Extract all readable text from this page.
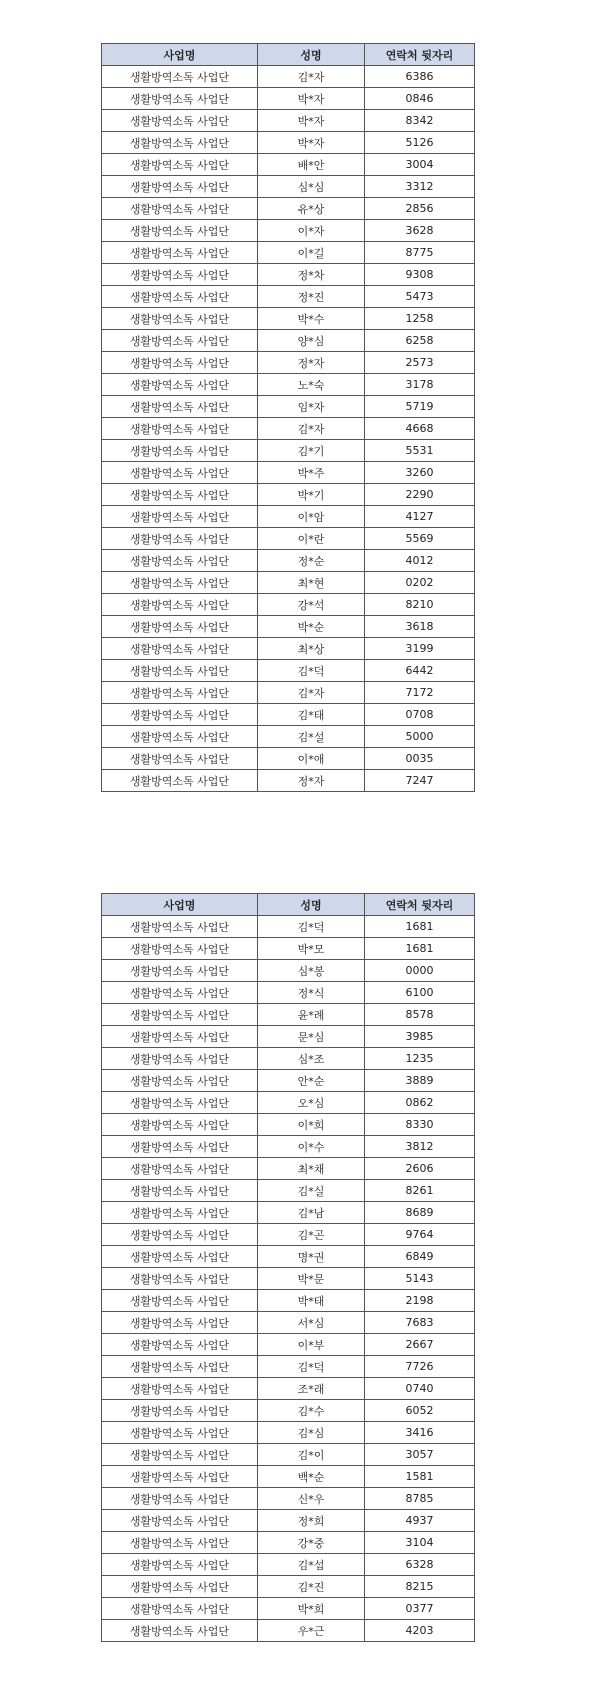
사업명	성명	연락처 뒷자리
생활방역소독 사업단	김*자	6386
생활방역소독 사업단	박*자	0846
생활방역소독 사업단	박*자	8342
생활방역소독 사업단	박*자	5126
생활방역소독 사업단	배*안	3004
생활방역소독 사업단	심*심	3312
생활방역소독 사업단	유*상	2856
생활방역소독 사업단	이*자	3628
생활방역소독 사업단	이*길	8775
생활방역소독 사업단	정*차	9308
생활방역소독 사업단	정*진	5473
생활방역소독 사업단	박*수	1258
생활방역소독 사업단	양*심	6258
생활방역소독 사업단	정*자	2573
생활방역소독 사업단	노*숙	3178
생활방역소독 사업단	임*자	5719
생활방역소독 사업단	김*자	4668
생활방역소독 사업단	김*기	5531
생활방역소독 사업단	박*주	3260
생활방역소독 사업단	박*기	2290
생활방역소독 사업단	이*암	4127
생활방역소독 사업단	이*란	5569
생활방역소독 사업단	정*순	4012
생활방역소독 사업단	최*현	0202
생활방역소독 사업단	강*석	8210
생활방역소독 사업단	박*순	3618
생활방역소독 사업단	최*상	3199
생활방역소독 사업단	김*덕	6442
생활방역소독 사업단	김*자	7172
생활방역소독 사업단	김*태	0708
생활방역소독 사업단	김*설	5000
생활방역소독 사업단	이*애	0035
생활방역소독 사업단	정*자	7247
사업명	성명	연락처 뒷자리
생활방역소독 사업단	김*덕	1681
생활방역소독 사업단	박*모	1681
생활방역소독 사업단	심*봉	0000
생활방역소독 사업단	정*식	6100
생활방역소독 사업단	윤*례	8578
생활방역소독 사업단	문*심	3985
생활방역소독 사업단	심*조	1235
생활방역소독 사업단	안*순	3889
생활방역소독 사업단	오*심	0862
생활방역소독 사업단	이*희	8330
생활방역소독 사업단	이*수	3812
생활방역소독 사업단	최*채	2606
생활방역소독 사업단	김*실	8261
생활방역소독 사업단	김*남	8689
생활방역소독 사업단	김*곤	9764
생활방역소독 사업단	명*권	6849
생활방역소독 사업단	박*문	5143
생활방역소독 사업단	박*태	2198
생활방역소독 사업단	서*심	7683
생활방역소독 사업단	이*부	2667
생활방역소독 사업단	김*덕	7726
생활방역소독 사업단	조*래	0740
생활방역소독 사업단	김*수	6052
생활방역소독 사업단	김*심	3416
생활방역소독 사업단	김*이	3057
생활방역소독 사업단	백*순	1581
생활방역소독 사업단	신*우	8785
생활방역소독 사업단	정*희	4937
생활방역소독 사업단	강*중	3104
생활방역소독 사업단	김*섭	6328
생활방역소독 사업단	김*진	8215
생활방역소독 사업단	박*희	0377
생활방역소독 사업단	우*근	4203
